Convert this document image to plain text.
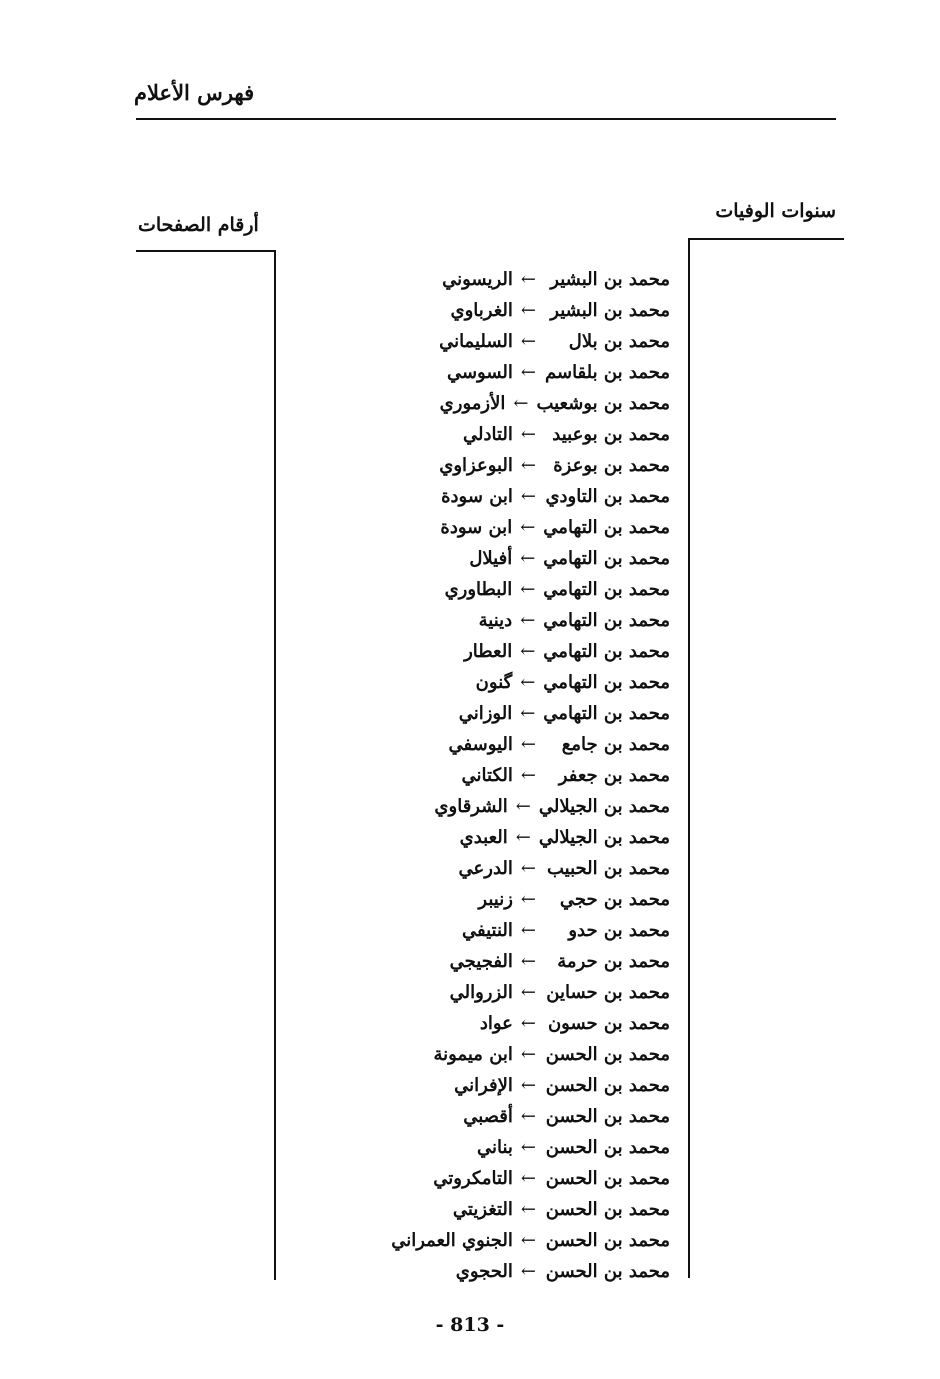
فهرس الأعلام
سنوات الوفيات
أرقام الصفحات
محمد بن البشير←الريسوني
محمد بن البشير←الغرباوي
محمد بن بلال←السليماني
محمد بن بلقاسم←السوسي
محمد بن بوشعيب←الأزموري
محمد بن بوعبيد←التادلي
محمد بن بوعزة←البوعزاوي
محمد بن التاودي←ابن سودة
محمد بن التهامي←ابن سودة
محمد بن التهامي←أفيلال
محمد بن التهامي←البطاوري
محمد بن التهامي←دينية
محمد بن التهامي←العطار
محمد بن التهامي←گنون
محمد بن التهامي←الوزاني
محمد بن جامع←اليوسفي
محمد بن جعفر←الكتاني
محمد بن الجيلالي←الشرقاوي
محمد بن الجيلالي←العبدي
محمد بن الحبيب←الدرعي
محمد بن حجي←زنيبر
محمد بن حدو←النتيفي
محمد بن حرمة←الفجيجي
محمد بن حساين←الزروالي
محمد بن حسون←عواد
محمد بن الحسن←ابن ميمونة
محمد بن الحسن←الإفراني
محمد بن الحسن←أقصبي
محمد بن الحسن←بناني
محمد بن الحسن←التامكروتي
محمد بن الحسن←التغزيتي
محمد بن الحسن←الجنوي العمراني
محمد بن الحسن←الحجوي
- 813 -
